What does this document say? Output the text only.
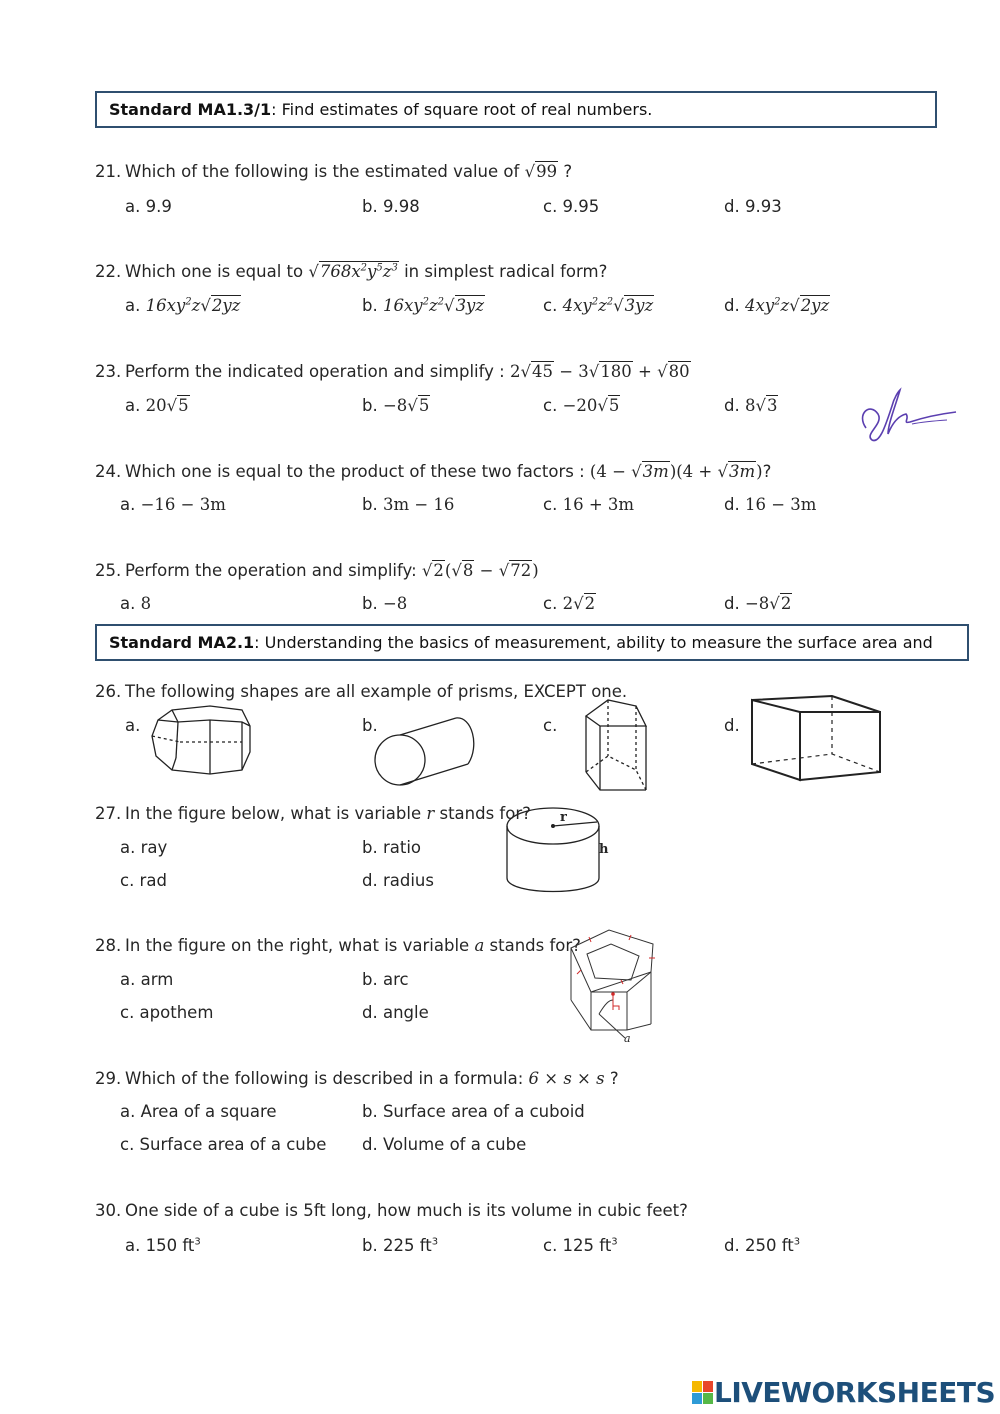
Standard MA1.3/1 : Find estimates of square root of real numbers.
21. Which of the following is the estimated value of √99 ?
a. 9.9	b. 9.98	c. 9.95	d. 9.93
22. Which one is equal to $√768x^2y^5z^3$ in simplest radical form?
a. $16xy^2z√2yz$	b. $16xy^2z^2√3yz$	c. $4xy^2z^2√3yz$	d. $4xy^2z√2yz$
23. Perform the indicated operation and simplify : 2√45 − 3√180 + √80
a. 20√5	b. −8√5	c. −20√5	d. 8√3
24. Which one is equal to the product of these two factors : (4 − √3m)(4 + √3m)?
a. −16 − 3m	b. 3m − 16	c. 16 + 3m	d. 16 − 3m
25. Perform the operation and simplify: √2(√8 − √72)
a. 8	b. −8	c. 2√2	d. −8√2
Standard MA2.1 : Understanding the basics of measurement, ability to measure the surface area and
26. The following shapes are all example of prisms, EXCEPT one.
a.	b.	c.	d.
27. In the figure below, what is variable r stands for?
a. ray	b. ratio
c. rad	d. radius
r
h
28. In the figure on the right, what is variable a stands for?
a. arm	b. arc
c. apothem	d. angle
a
29. Which of the following is described in a formula: 6 × s × s ?
a. Area of a square	b. Surface area of a cuboid
c. Surface area of a cube d. Volume of a cube
30. One side of a cube is 5ft long, how much is its volume in cubic feet?
a. 150 $ft^3$	b. 225 $ft^3$	c. 125 $ft^3$	d. 250 $ft^3$
LIVEWORKSHEETS
